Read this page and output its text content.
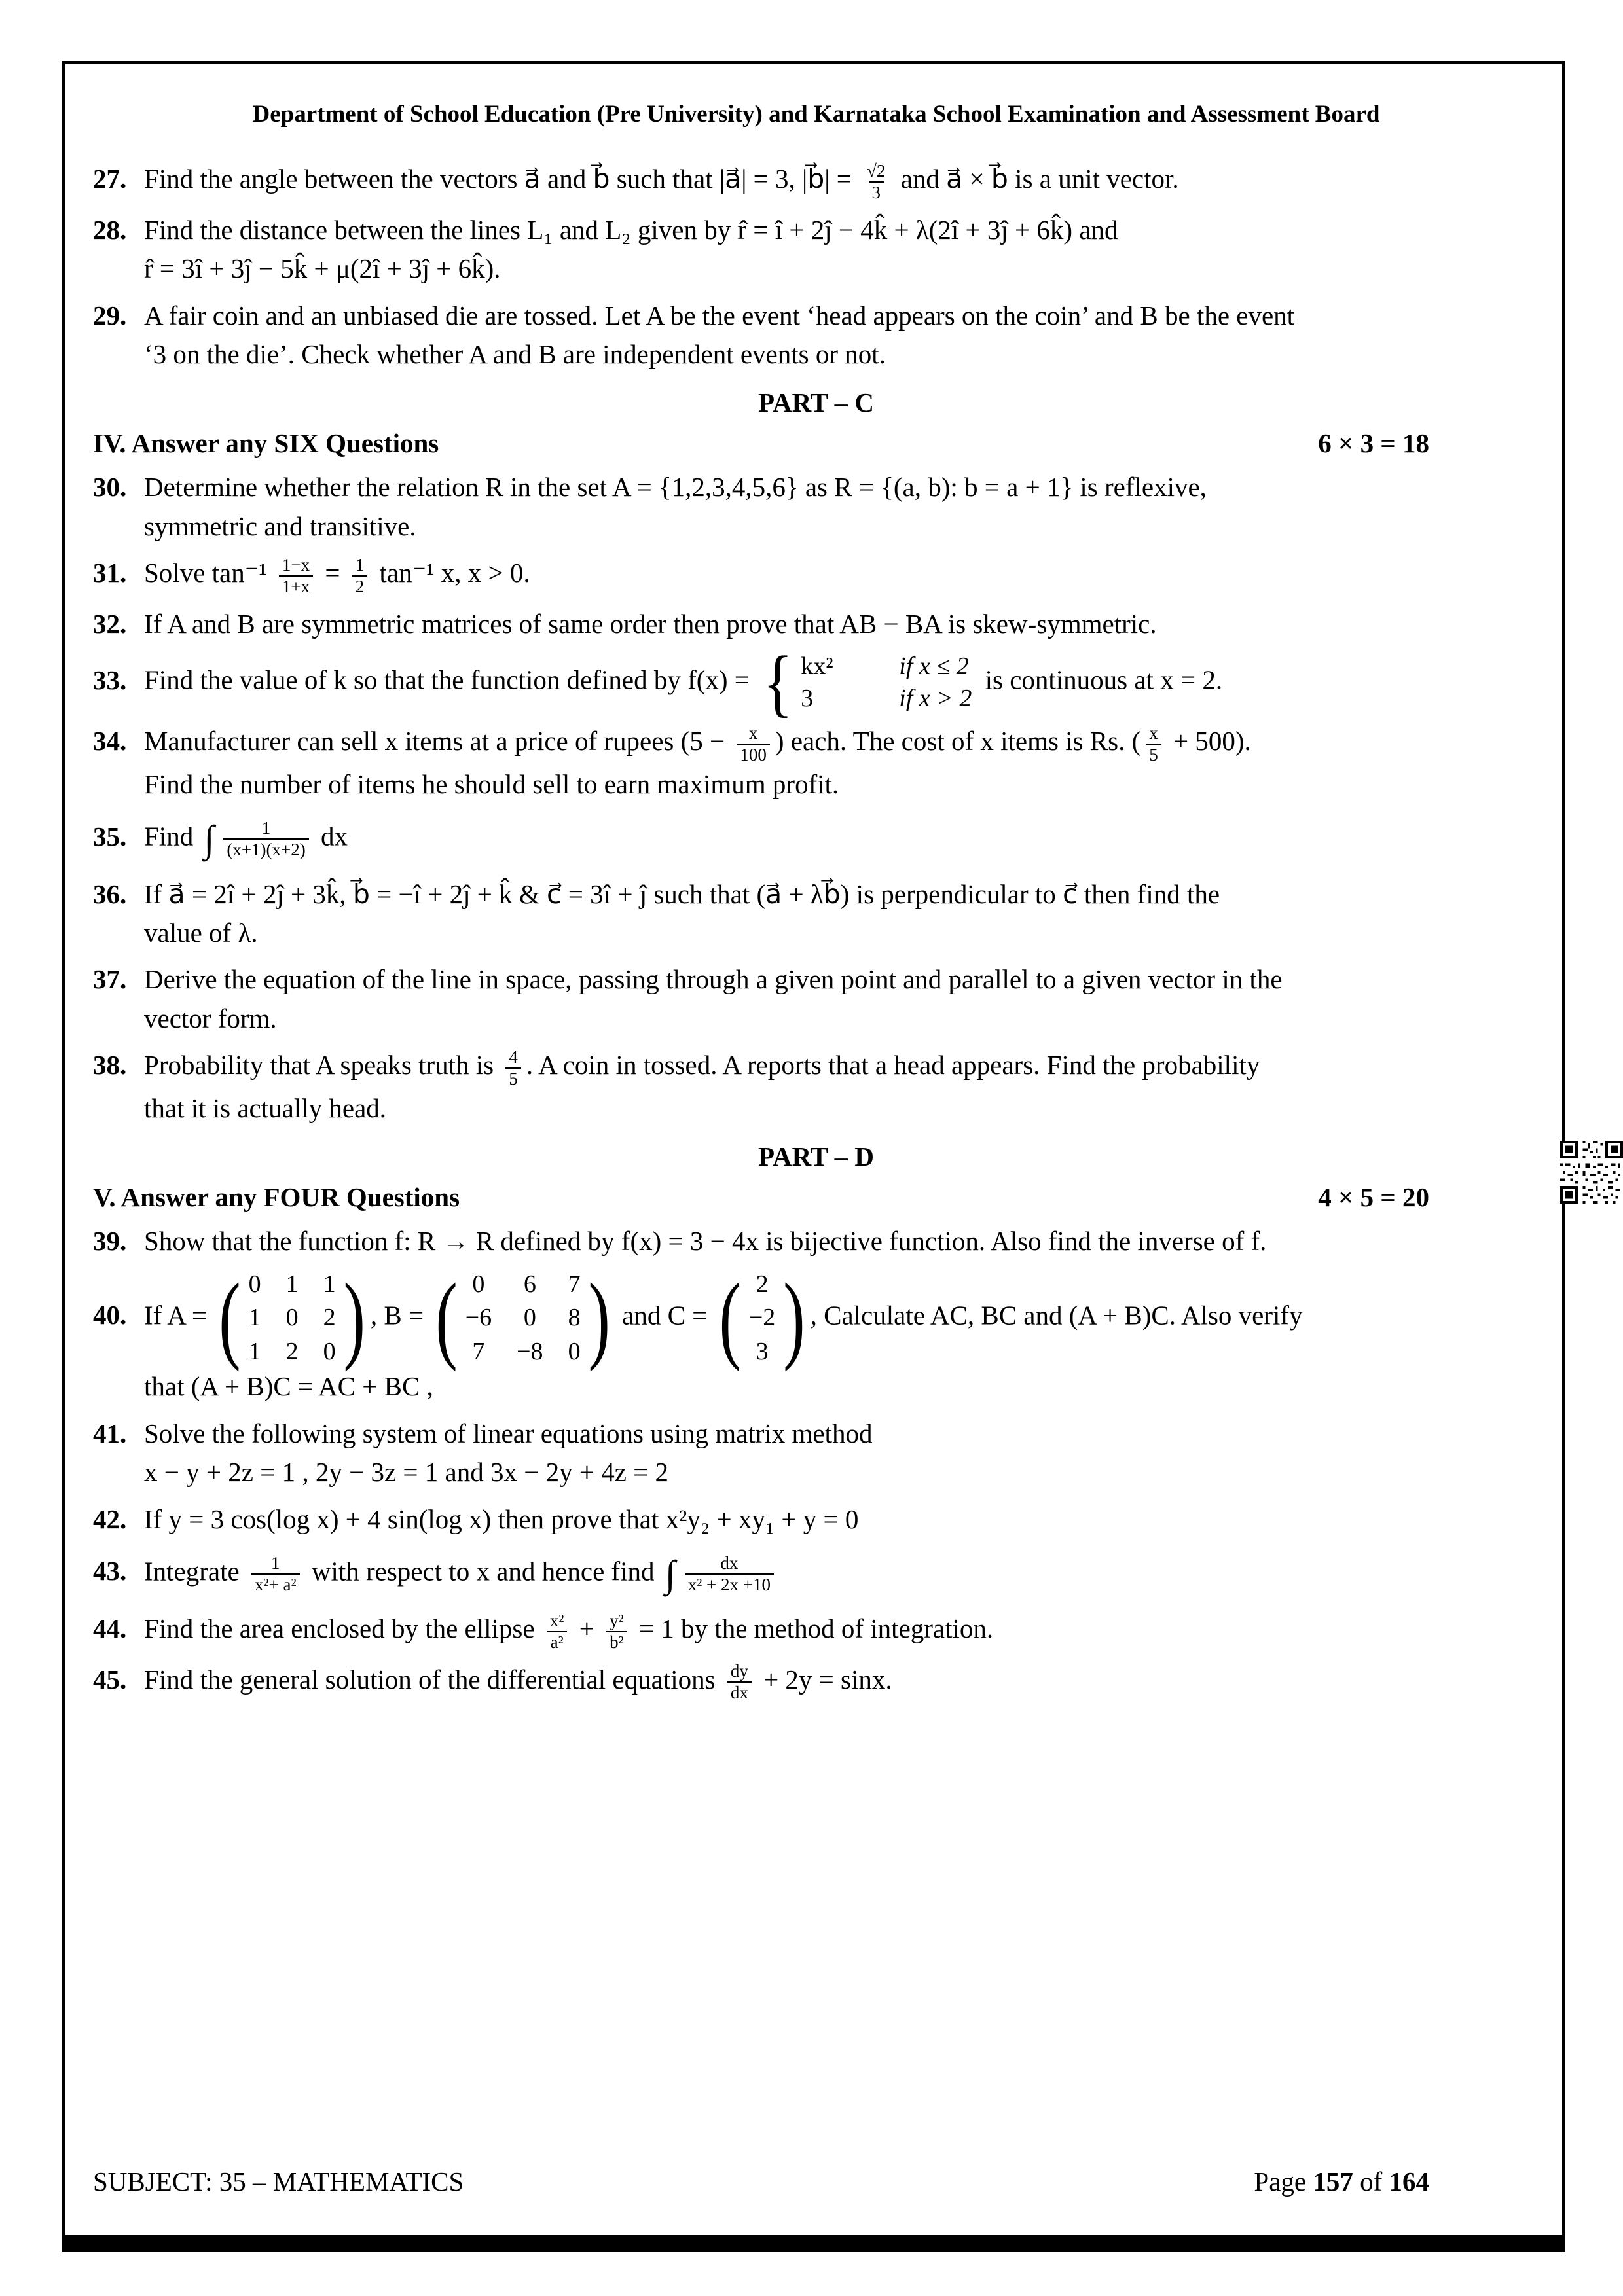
Department of School Education (Pre University) and Karnataka School Examination and Assessment Board
27. Find the angle between the vectors a⃗ and b⃗ such that |a⃗| = 3, |b⃗| = $\frac{√2}{3}$ and a⃗ × b⃗ is a unit vector.
28. Find the distance between the lines L₁ and L₂ given by r̂ = î + 2ĵ − 4k̂ + λ(2î + 3ĵ + 6k̂) and
r̂ = 3î + 3ĵ − 5k̂ + μ(2î + 3ĵ + 6k̂).
29. A fair coin and an unbiased die are tossed. Let A be the event ‘head appears on the coin’ and B be the event
‘3 on the die’. Check whether A and B are independent events or not.
PART – C
IV. Answer any SIX Questions	6 × 3 = 18
30. Determine whether the relation R in the set A = {1,2,3,4,5,6} as R = {(a, b): b = a + 1} is reflexive,
symmetric and transitive.
31. Solve $\tan^{-1} \frac{1-x}{1+x} = \frac{1}{2} \tan^{-1}$ x, x > 0.
32. If A and B are symmetric matrices of same order then prove that AB − BA is skew-symmetric.
33. Find the value of k so that the function defined by f(x) = { kx²	if x ≤ 2
3	if x > 2
is continuous at x = 2.
34. Manufacturer can sell x items at a price of rupees ($5 - \frac{x}{100}$ ) each. The cost of x items is Rs. ( $\frac{x}{5} + 500$).
Find the number of items he should sell to earn maximum profit.
35. Find ∫ $\frac{1}{(x+1)(x+2)}$ dx
36. If a⃗ = 2î + 2ĵ + 3k̂, b⃗ = −î + 2ĵ + k̂ & c⃗ = 3î + ĵ such that (a⃗ + λb⃗) is perpendicular to c⃗ then find the
value of λ.
37. Derive the equation of the line in space, passing through a given point and parallel to a given vector in the
vector form.
38. Probability that A speaks truth is $\frac{4}{5}$ . A coin in tossed. A reports that a head appears. Find the probability
that it is actually head.
PART – D
V. Answer any FOUR Questions	4 × 5 = 20
39. Show that the function f: R → R defined by f(x) = 3 − 4x is bijective function. Also find the inverse of f.
40. If A = ( 0 1 1
1 0 2
1 2 0 ) , B = ( 0 6 7
−6 0 8
7 −8 0 ) and C = ( 2
−2
3 ) , Calculate AC, BC and (A + B)C. Also verify
that (A + B)C = AC + BC ,
41. Solve the following system of linear equations using matrix method
x − y + 2z = 1 , 2y − 3z = 1 and 3x − 2y + 4z = 2
42. If y = 3 cos(log x) + 4 sin(log x) then prove that x²y₂ + xy₁ + y = 0
43. Integrate $\frac{1}{\text{x²+ a²}}$ with respect to x and hence find ∫ $\frac{dx}{\text{x² + 2x +10}}$
44. Find the area enclosed by the ellipse $\frac{\text{x²}}{\text{a²}} + \frac{\text{y²}}{\text{b²}} = 1$ by the method of integration.
45. Find the general solution of the differential equations $\frac{dy}{dx} + 2y = \sin x$.
SUBJECT: 35 – MATHEMATICS	Page 157 of 164
